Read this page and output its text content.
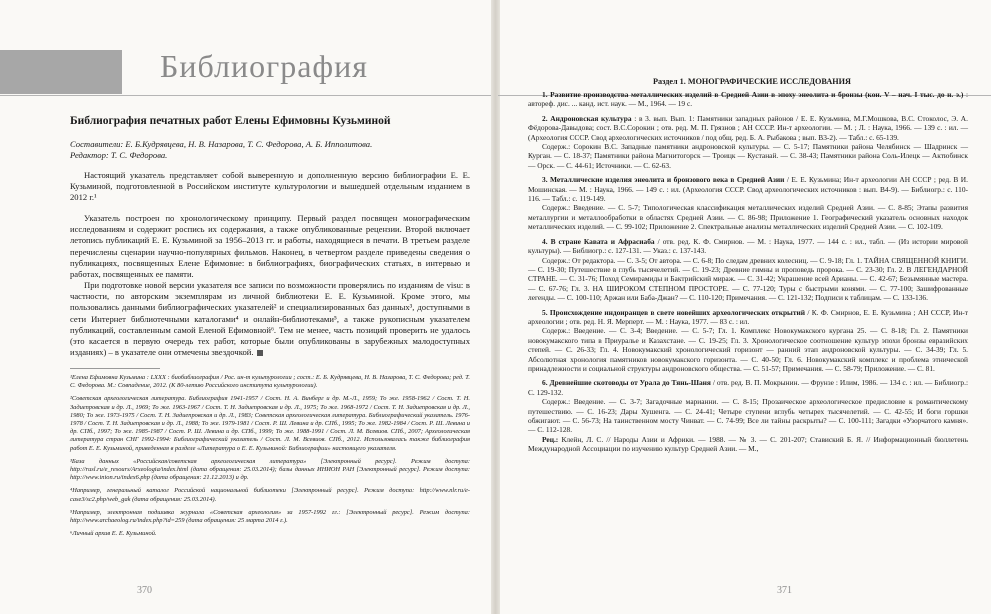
Библиография
Библиография печатных работ Елены Ефимовны Кузьминой
Составители: Е. Б.Кудрявцева, Н. В. Назарова, Т. С. Федорова, А. Б. Ипполитова.
Редактор: Т. С. Федорова.

Настоящий указатель представляет собой выверенную и дополненную версию библиографии Е. Е. Кузьминой, подготовленной в Российском институте культурологии и вышедшей отдельным изданием в 2012 г.¹

Указатель построен по хронологическому принципу. Первый раздел посвящен монографическим исследованиям и содержит роспись их содержания, а также опубликованные рецензии. Второй включает летопись публикаций Е. Е. Кузьминой за 1956–2013 гг. и работы, находящиеся в печати. В третьем разделе перечислены сценарии научно-популярных фильмов. Наконец, в четвертом разделе приведены сведения о публикациях, посвященных Елене Ефимовне: в библиографиях, биографических статьях, в интервью и работах, посвященных ее памяти.

При подготовке новой версии указателя все записи по возможности проверялись по изданиям de visu: в частности, по авторским экземплярам из личной библиотеки Е. Е. Кузьминой. Кроме этого, мы пользовались данными библиографических указателей² и специализированных баз данных³, доступными в сети Интернет библиотечными каталогами⁴ и онлайн-библиотеками⁵, а также рукописным указателем публикаций, составленным самой Еленой Ефимовной⁶. Тем не менее, часть позиций проверить не удалось (это касается в первую очередь тех работ, которые были опубликованы в зарубежных малодоступных изданиях) – в указателе они отмечены звездочкой.

¹Елена Ефимовна Кузьмина : LXXX : биобиблиография / Рос. ин-т культурологии ; сост.: Е. Б. Кудрявцева, Н. В. Назарова, Т. С. Федорова; ред. Т. С. Федорова. М.: Совпадение, 2012. (К 80-летию Российского института культурологии).

²Советская археологическая литература. Библиография 1941-1957 / Сост. Н. А. Винберг и др. М.-Л., 1959; То же. 1958-1962 / Сост. Т. Н. Задиепровская и др. Л., 1969; То же. 1963-1967 / Сост. Т. Н. Задиепровская и др. Л., 1975; То же. 1968-1972 / Сост. Т. Н. Задиепровская и др. Л., 1980; То же. 1973-1975 / Сост. Т. Н. Задиепровская и др. Л., 1983; Советская археологическая литература. Библиографический указатель. 1976-1978 / Сост. Т. Н. Задиепровская и др. Л., 1988; То же. 1979-1981 / Сост. Р. Ш. Левина и др. СПб., 1995; То же. 1982-1984 / Сост. Р. Ш. Левина и др. СПб., 1997; То же. 1985-1987 / Сост. Р. Ш. Левина и др. СПб., 1999; То же. 1988-1991 / Сост. Л. М. Всевиов. СПб., 2007; Археологическая литература стран СНГ 1992-1994: Библиографический указатель / Сост. Л. М. Всевиов. СПб., 2012. Использовалась также библиография работ Е. Е. Кузьминой, приведенная в разделе «Литература о Е. Е. Кузьминой: Библиографии» настоящего указателя.

³База данных «Российская/советская археологическая литература» [Электронный ресурс]. Режим доступа: http://rusl.ru/e_resours/Arxeologia/index.html (дата обращения: 25.03.2014); базы данных ИНИОН РАН [Электронный ресурс]. Режим доступа: http://www.inion.ru/index6.php (дата обращения: 21.12.2013) и др.

⁴Например, генеральный каталог Российской национальной библиотеки [Электронный ресурс]. Режим доступа: http://www.nlr.ru/e-case3/sc2.php/web_gak (дата обращения: 25.03.2014).

⁵Например, электронная подшивка журнала «Советская археология» за 1957-1992 гг.: [Электронный ресурс]. Режим доступа: http://www.archaeolog.ru/index.php?id=259 (дата обращения: 25 марта 2014 г.).

⁶Личный архив Е. Е. Кузьминой.

370
Раздел 1. МОНОГРАФИЧЕСКИЕ ИССЛЕДОВАНИЯ
1. Развитие производства металлических изделий в Средней Азии в эпоху энеолита и бронзы (кон. V – нач. I тыс. до н. э.) : автореф. дис. ... канд. ист. наук. — М., 1964. — 19 с.
2. Андроновская культура : в 3. вып. Вып. 1: Памятники западных районов / Е. Е. Кузьмина, М.Г.Мошкова, В.С. Стоколос, Э. А. Фёдорова-Давыдова; сост. В.С.Сорокин ; отв. ред. М. П. Грязнов ; АН СССР. Ин-т археологии. — М. ; Л. : Наука, 1966. — 139 с. : ил. — (Археология СССР. Свод археологических источников / под общ. ред. Б. А. Рыбакова ; вып. В3-2). — Табл.: с. 65-139.
Содерж.: Сорокин В.С. Западные памятники андроновской культуры. — С. 5-17; Памятники района Челябинск — Шадринск — Курган. — С. 18-37; Памятники района Магнитогорск — Троицк — Кустанай. — С. 38-43; Памятники района Соль-Илецк — Актюбинск — Орск. — С. 44-61; Источники. — С. 62-63.
3. Металлические изделия энеолита и бронзового века в Средней Азии / Е. Е. Кузьмина; Ин-т археологии АН СССР ; ред. В И. Мошинская. — М. : Наука, 1966. — 149 с. : ил. (Археология СССР. Свод археологических источников : вып. В4-9). — Библиогр.: с. 110-116. — Табл.: с. 119-149.
Содерж.: Введение. — С. 5-7; Типологическая классификация металлических изделий Средней Азии. — С. 8-85; Этапы развития металлургии и металлообработки в областях Средней Азии. — С. 86-98; Приложение 1. Географический указатель основных находок металлических изделий. — С. 99-102; Приложение 2. Спектральные анализы металлических изделий Средней Азии. — С. 102-109.
4. В стране Кавата и Афрасиаба / отв. ред. К. Ф. Смирнов. — М. : Наука, 1977. — 144 с. : ил., табл. — (Из истории мировой культуры). — Библиогр.: с. 127-131. — Указ.: с. 137-143.
Содерж.: От редактора. — С. 3-5; От автора. — С. 6-8; По следам древних колесниц. — С. 9-18; Гл. 1. ТАЙНА СВЯЩЕННОЙ КНИГИ. — С. 19-30; Путешествие в глубь тысячелетий. — С. 19-23; Древние гимны и проповедь пророка. — С. 23-30; Гл. 2. В ЛЕГЕНДАРНОЙ СТРАНЕ. — С. 31-76; Поход Семирамиды и Бактрийский мираж. — С. 31-42; Украшение всей Арианы. — С. 42-67; Безымянные мастера. — С. 67-76; Гл. 3. НА ШИРОКОМ СТЕПНОМ ПРОСТОРЕ. — С. 77-120; Туры с быстрыми конями. — С. 77-100; Зашифрованные легенды. — С. 100-110; Аржан или Баба-Джан? — С. 110-120; Примечания. — С. 121-132; Подписи к таблицам. — С. 133-136.
5. Происхождение индоиранцев в свете новейших археологических открытий / К. Ф. Смирнов, Е. Е. Кузьмина ; АН СССР, Ин-т археологии ; отв. ред. Н. Я. Мерперт. — М. : Наука, 1977. — 83 с. : ил.
Содерж.: Введение. — С. 3-4; Введение. — С. 5-7; Гл. 1. Комплекс Новокумакского кургана 25. — С. 8-18; Гл. 2. Памятники новокумакского типа в Приуралье и Казахстане. — С. 19-25; Гл. 3. Хронологическое соотношение культур эпохи бронзы евразийских степей. — С. 26-33; Гл. 4. Новокумакский хронологический горизонт — ранний этап андроновской культуры. — С. 34-39; Гл. 5. Абсолютная хронология памятников новокумакского горизонта. — С. 40-50; Гл. 6. Новокумакский комплекс и проблема этнической принадлежности и социальной структуры андроновского общества. — С. 51-57; Примечания. — С. 58-79; Приложение. — С. 81.
6. Древнейшие скотоводы от Урала до Тянь-Шаня / отв. ред. В. П. Мокрынин. — Фрунзе : Илим, 1986. — 134 с. : ил. — Библиогр.: С. 129-132.
Содерж.: Введение. — С. 3-7; Загадочные марианни. — С. 8-15; Прозаическое археологическое предисловие к романтическому путешествию. — С. 16-23; Дары Хушенга. — С. 24-41; Четыре ступени вглубь четырех тысячелетий. — С. 42-55; И боги горшки обжигают. — С. 56-73; На таинственном мосту Чинват. — С. 74-99; Все ли тайны раскрыты? — С. 100-111; Загадки «Узорчатого камня». — С. 112-128.
Рец.: Клейн, Л. С. // Народы Азии и Африки. — 1988. — № 3. — С. 201-207; Ставиский Б. Я. // Информационный бюллетень Международной Ассоциации по изучению культур Средней Азии. — М.,
371
